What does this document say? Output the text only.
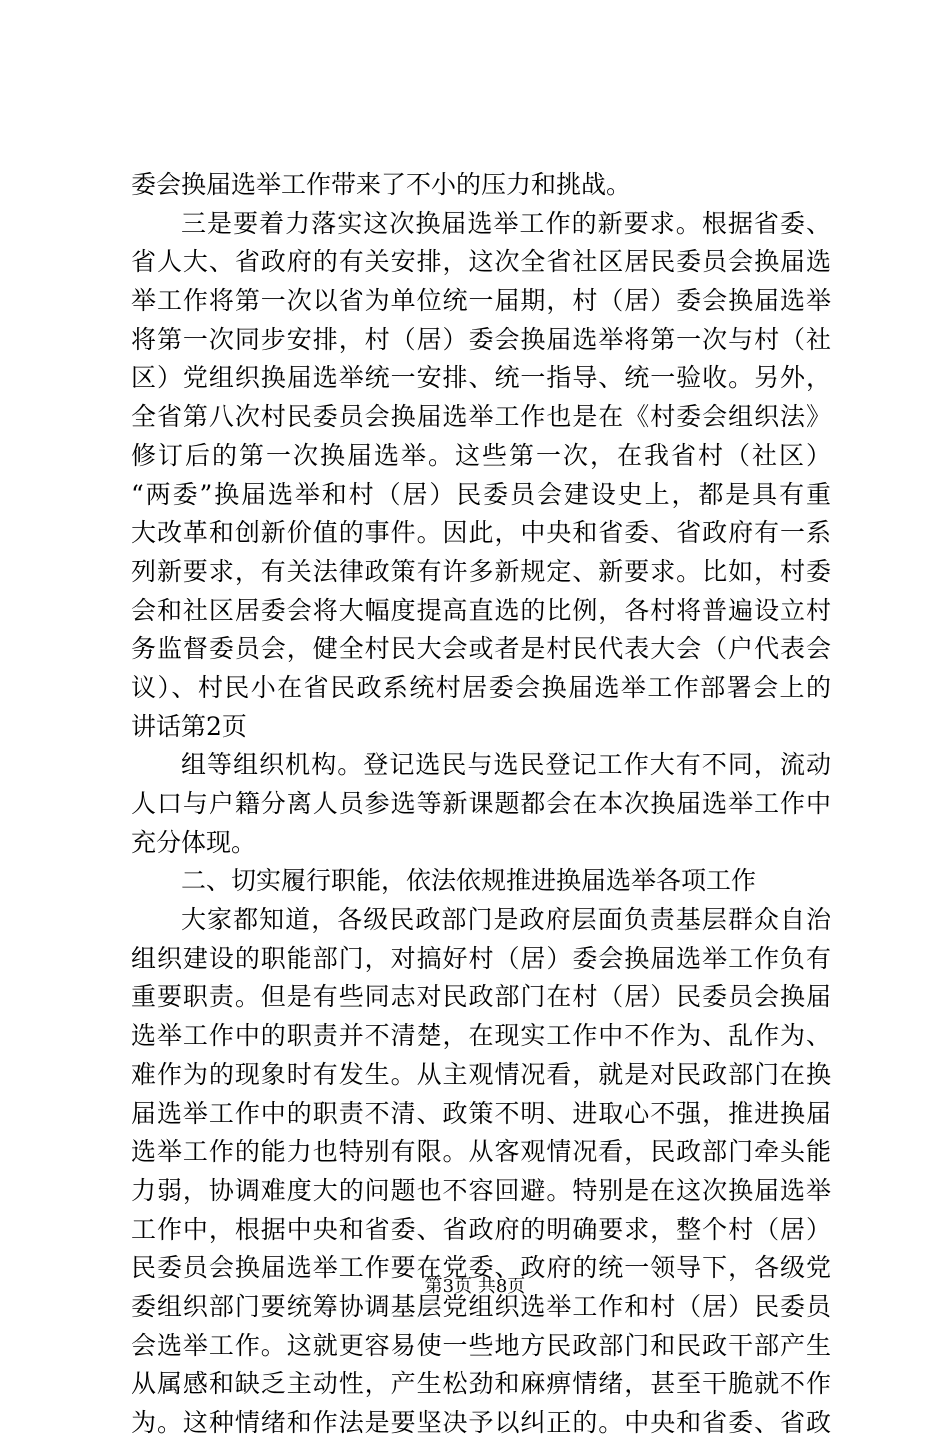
委会换届选举工作带来了不小的压力和挑战。
三是要着力落实这次换届选举工作的新要求。根据省委、
省人大、省政府的有关安排，这次全省社区居民委员会换届选
举工作将第一次以省为单位统一届期，村（居）委会换届选举
将第一次同步安排，村（居）委会换届选举将第一次与村（社
区）党组织换届选举统一安排、统一指导、统一验收。另外，
全省第八次村民委员会换届选举工作也是在《村委会组织法》
修订后的第一次换届选举。这些第一次，在我省村（社区）
“两委”换届选举和村（居）民委员会建设史上，都是具有重
大改革和创新价值的事件。因此，中央和省委、省政府有一系
列新要求，有关法律政策有许多新规定、新要求。比如，村委
会和社区居委会将大幅度提高直选的比例，各村将普遍设立村
务监督委员会，健全村民大会或者是村民代表大会（户代表会
议）、村民小在省民政系统村居委会换届选举工作部署会上的
讲话第2页
组等组织机构。登记选民与选民登记工作大有不同，流动
人口与户籍分离人员参选等新课题都会在本次换届选举工作中
充分体现。
二、切实履行职能，依法依规推进换届选举各项工作
大家都知道，各级民政部门是政府层面负责基层群众自治
组织建设的职能部门，对搞好村（居）委会换届选举工作负有
重要职责。但是有些同志对民政部门在村（居）民委员会换届
选举工作中的职责并不清楚，在现实工作中不作为、乱作为、
难作为的现象时有发生。从主观情况看，就是对民政部门在换
届选举工作中的职责不清、政策不明、进取心不强，推进换届
选举工作的能力也特别有限。从客观情况看，民政部门牵头能
力弱，协调难度大的问题也不容回避。特别是在这次换届选举
工作中，根据中央和省委、省政府的明确要求，整个村（居）
民委员会换届选举工作要在党委、政府的统一领导下，各级党
委组织部门要统筹协调基层党组织选举工作和村（居）民委员
会选举工作。这就更容易使一些地方民政部门和民政干部产生
从属感和缺乏主动性，产生松劲和麻痹情绪，甚至干脆就不作
为。这种情绪和作法是要坚决予以纠正的。中央和省委、省政
第3页 共8页
